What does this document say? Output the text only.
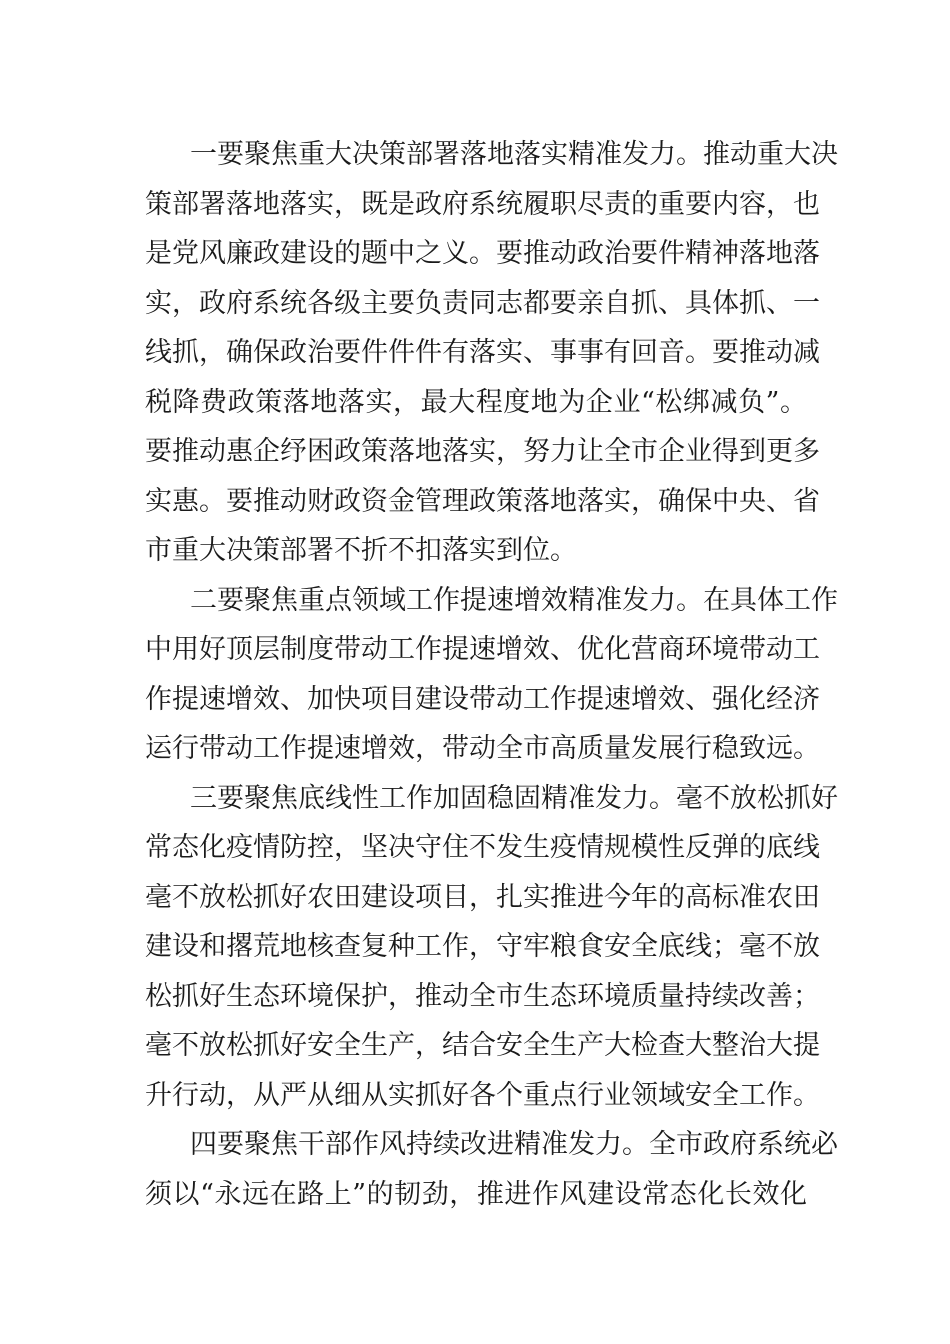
一要聚焦重大决策部署落地落实精准发力。推动重大决
策部署落地落实，既是政府系统履职尽责的重要内容，也
是党风廉政建设的题中之义。要推动政治要件精神落地落
实，政府系统各级主要负责同志都要亲自抓、具体抓、一
线抓，确保政治要件件件有落实、事事有回音。要推动减
税降费政策落地落实，最大程度地为企业“松绑减负”。
要推动惠企纾困政策落地落实，努力让全市企业得到更多
实惠。要推动财政资金管理政策落地落实，确保中央、省
市重大决策部署不折不扣落实到位。
二要聚焦重点领域工作提速增效精准发力。在具体工作
中用好顶层制度带动工作提速增效、优化营商环境带动工
作提速增效、加快项目建设带动工作提速增效、强化经济
运行带动工作提速增效，带动全市高质量发展行稳致远。
三要聚焦底线性工作加固稳固精准发力。毫不放松抓好
常态化疫情防控，坚决守住不发生疫情规模性反弹的底线
毫不放松抓好农田建设项目，扎实推进今年的高标准农田
建设和撂荒地核查复种工作，守牢粮食安全底线；毫不放
松抓好生态环境保护，推动全市生态环境质量持续改善；
毫不放松抓好安全生产，结合安全生产大检查大整治大提
升行动，从严从细从实抓好各个重点行业领域安全工作。
四要聚焦干部作风持续改进精准发力。全市政府系统必
须以“永远在路上”的韧劲，推进作风建设常态化长效化
